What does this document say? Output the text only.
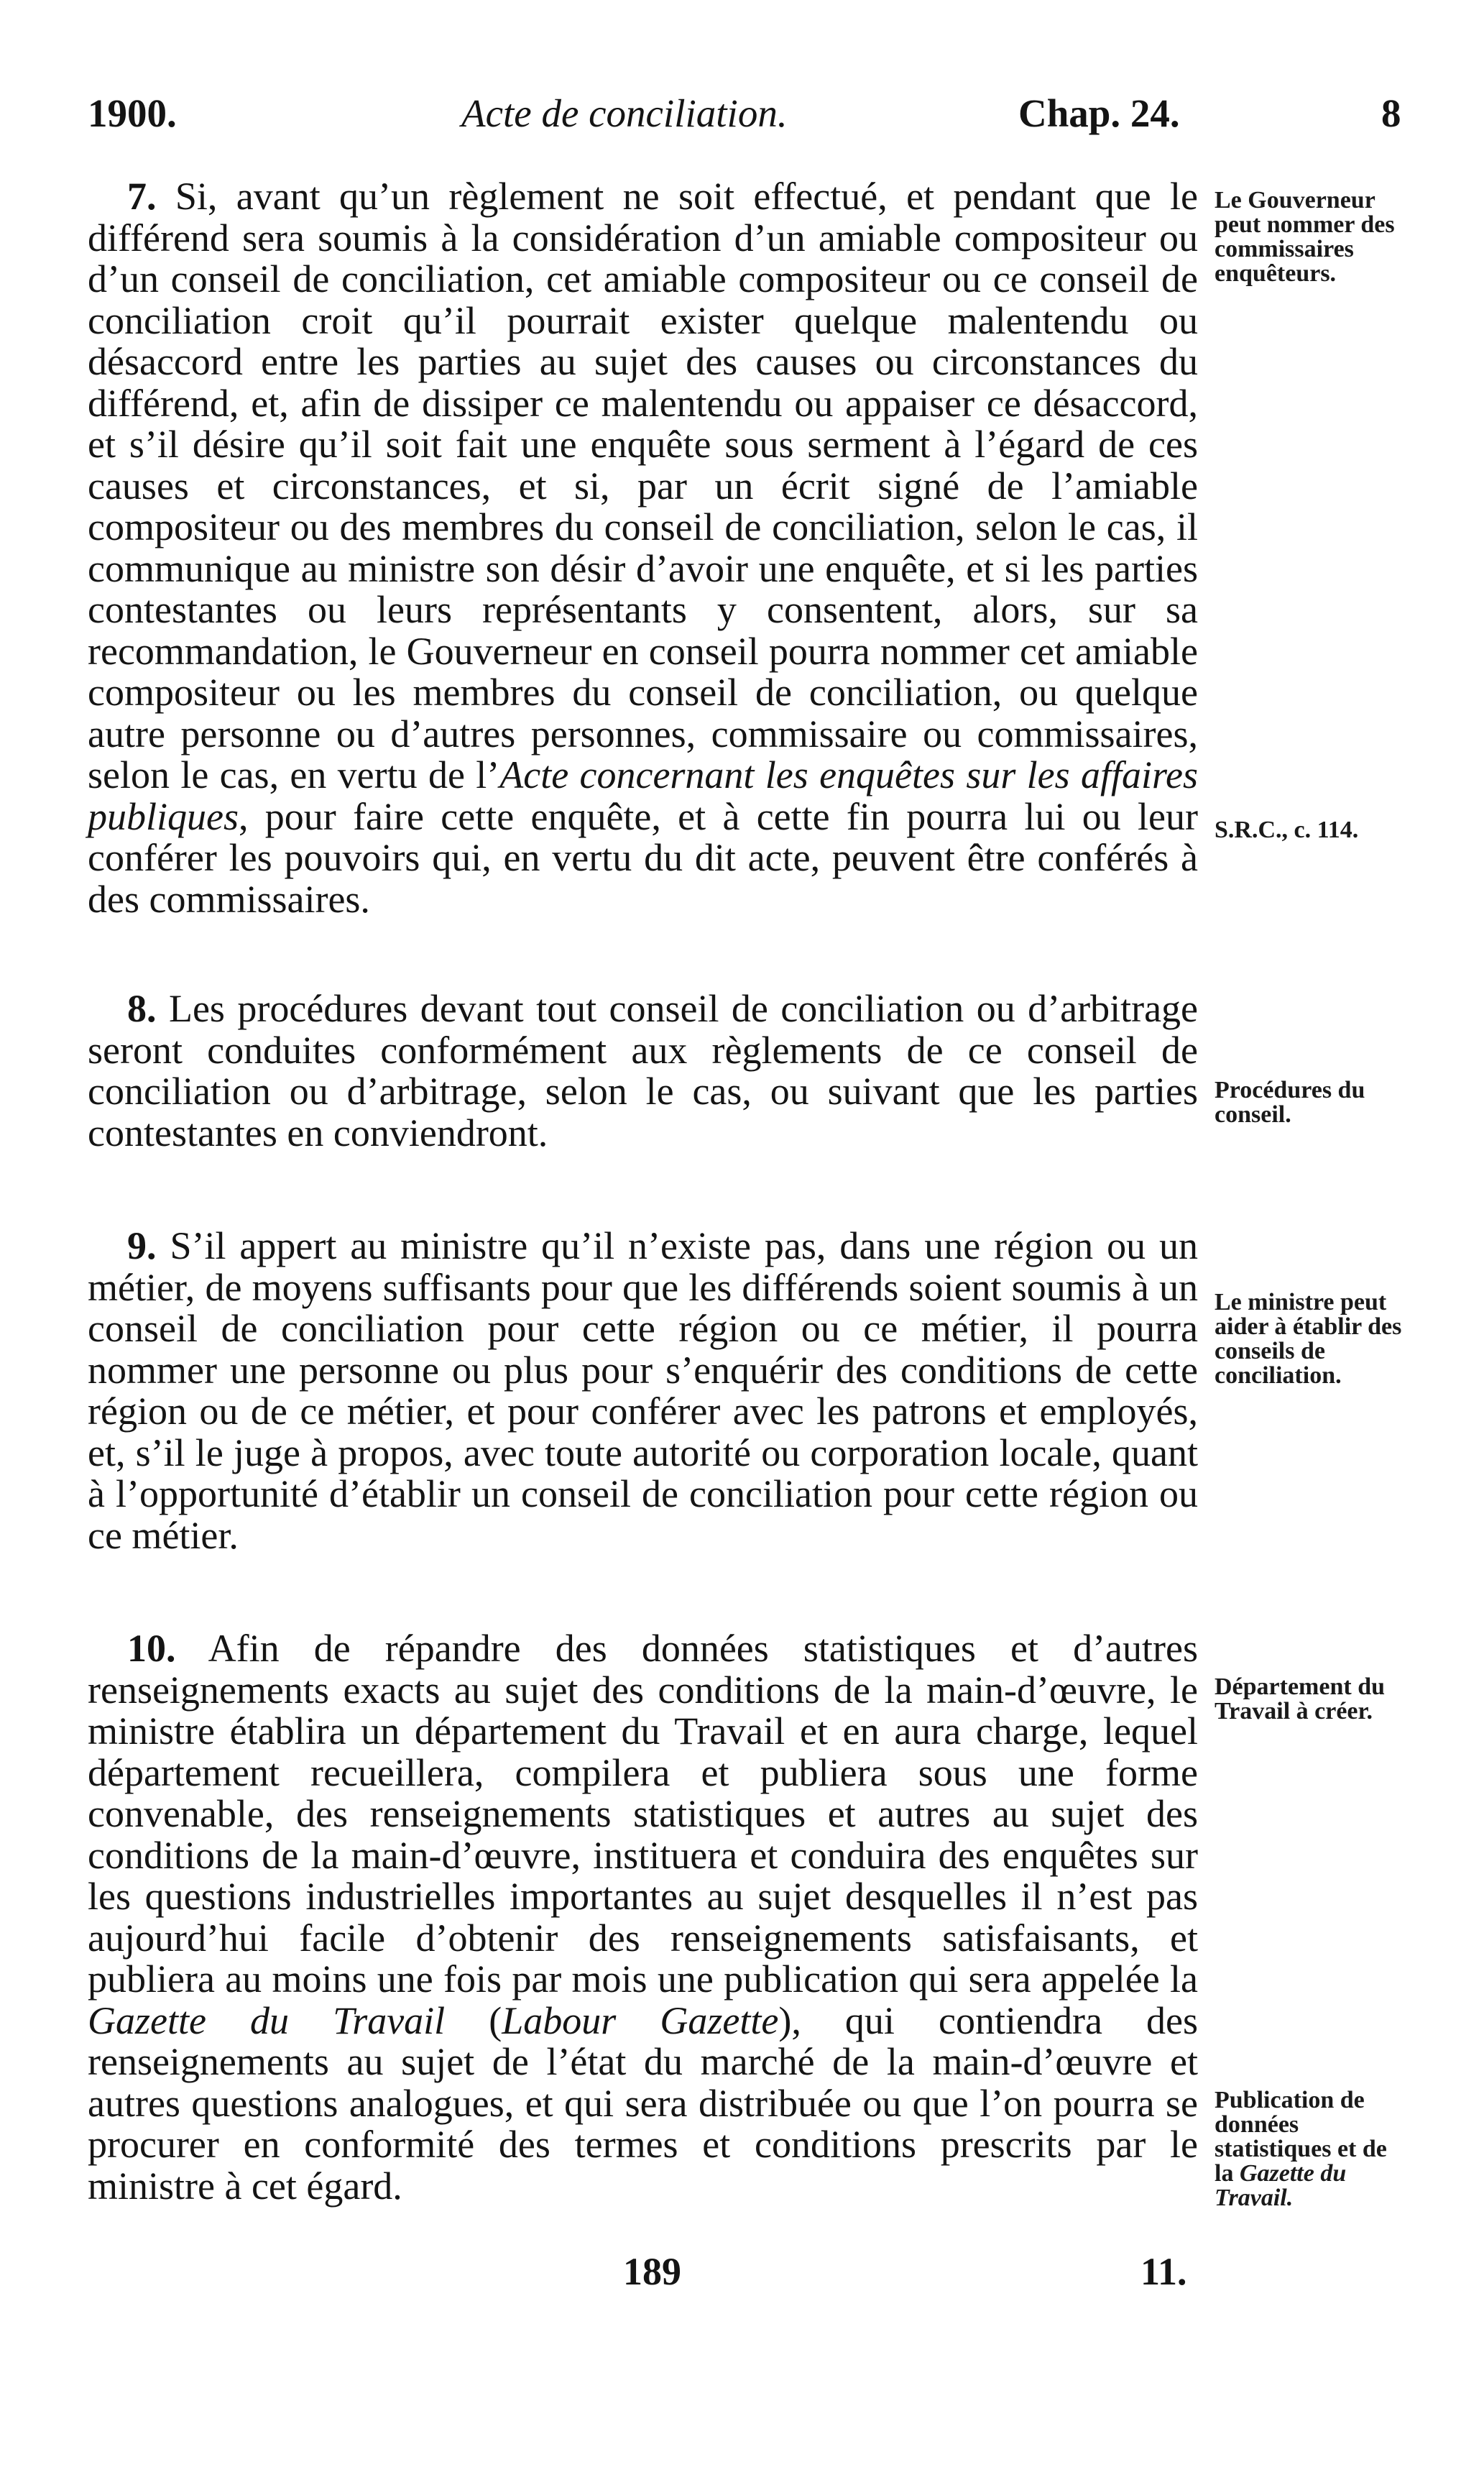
1900.	Acte de conciliation.	Chap. 24.	8

7. Si, avant qu’un règlement ne soit effectué, et pendant que le différend sera soumis à la considération d’un amiable compositeur ou d’un conseil de conciliation, cet amiable compositeur ou ce conseil de conciliation croit qu’il pourrait exister quelque malentendu ou désaccord entre les parties au sujet des causes ou circonstances du différend, et, afin de dissiper ce malentendu ou appaiser ce désaccord, et s’il désire qu’il soit fait une enquête sous serment à l’égard de ces causes et circonstances, et si, par un écrit signé de l’amiable compositeur ou des membres du conseil de conciliation, selon le cas, il communique au ministre son désir d’avoir une enquête, et si les parties contestantes ou leurs représentants y consentent, alors, sur sa recommandation, le Gouverneur en conseil pourra nommer cet amiable compositeur ou les membres du conseil de conciliation, ou quelque autre personne ou d’autres personnes, commissaire ou commissaires, selon le cas, en vertu de l’Acte concernant les enquêtes sur les affaires publiques, pour faire cette enquête, et à cette fin pourra lui ou leur conférer les pouvoirs qui, en vertu du dit acte, peuvent être conférés à des commissaires.

8. Les procédures devant tout conseil de conciliation ou d’arbitrage seront conduites conformément aux règlements de ce conseil de conciliation ou d’arbitrage, selon le cas, ou suivant que les parties contestantes en conviendront.

9. S’il appert au ministre qu’il n’existe pas, dans une région ou un métier, de moyens suffisants pour que les différends soient soumis à un conseil de conciliation pour cette région ou ce métier, il pourra nommer une personne ou plus pour s’enquérir des conditions de cette région ou de ce métier, et pour conférer avec les patrons et employés, et, s’il le juge à propos, avec toute autorité ou corporation locale, quant à l’opportunité d’établir un conseil de conciliation pour cette région ou ce métier.

10. Afin de répandre des données statistiques et d’autres renseignements exacts au sujet des conditions de la main-d’œuvre, le ministre établira un département du Travail et en aura charge, lequel département recueillera, compilera et publiera sous une forme convenable, des renseignements statistiques et autres au sujet des conditions de la main-d’œuvre, instituera et conduira des enquêtes sur les questions industrielles importantes au sujet desquelles il n’est pas aujourd’hui facile d’obtenir des renseignements satisfaisants, et publiera au moins une fois par mois une publication qui sera appelée la Gazette du Travail (Labour Gazette), qui contiendra des renseignements au sujet de l’état du marché de la main-d’œuvre et autres questions analogues, et qui sera distribuée ou que l’on pourra se procurer en conformité des termes et conditions prescrits par le ministre à cet égard.

Le Gouverneur peut nommer des commissaires enquêteurs.
S.R.C., c. 114.
Procédures du conseil.
Le ministre peut aider à établir des conseils de conciliation.
Département du Travail à créer.
Publication de données statistiques et de la Gazette du Travail.
189	11.
